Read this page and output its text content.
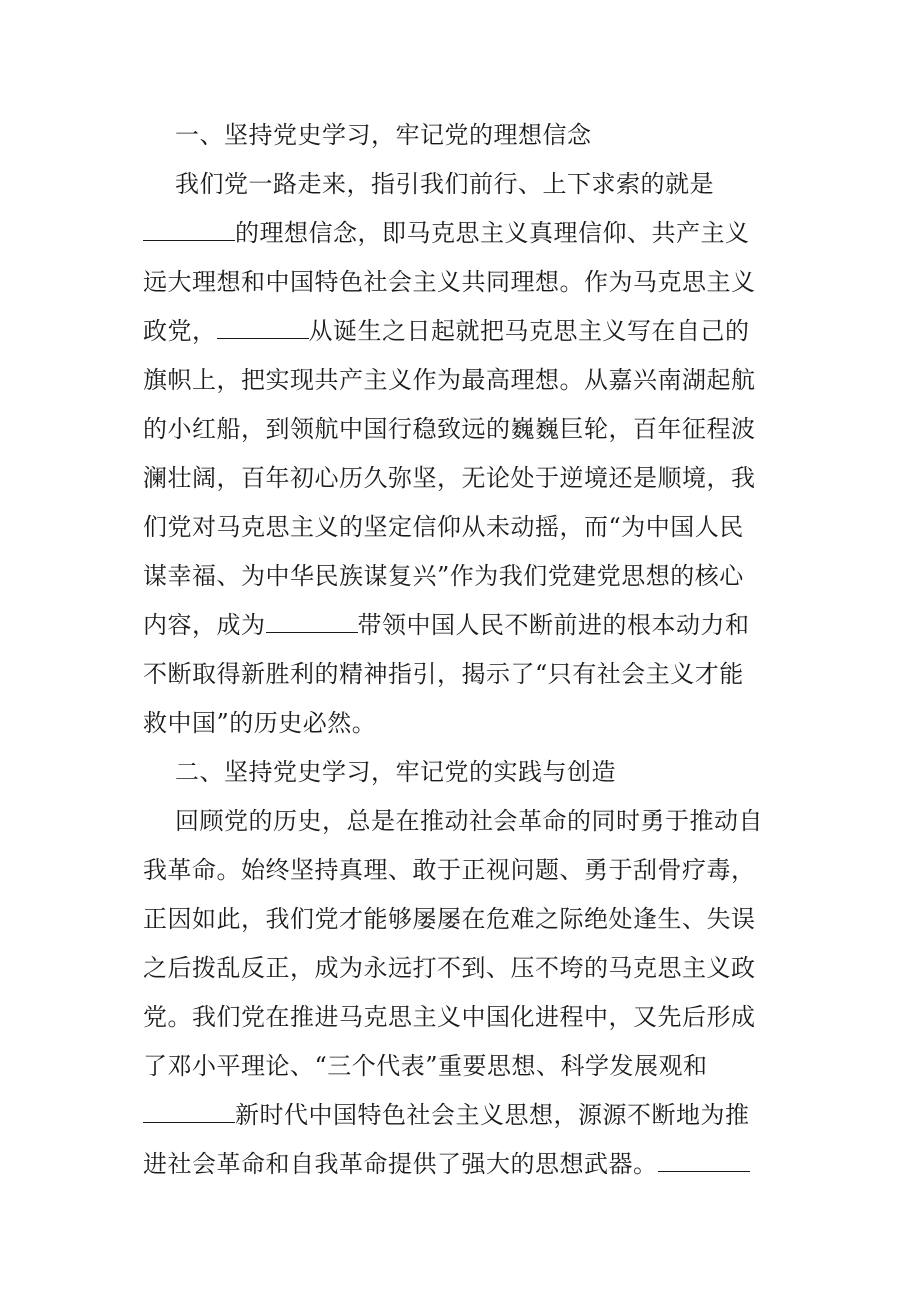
一、坚持党史学习，牢记党的理想信念
我们党一路走来，指引我们前行、上下求索的就是
的理想信念，即马克思主义真理信仰、共产主义
远大理想和中国特色社会主义共同理想。作为马克思主义
政党，	从诞生之日起就把马克思主义写在自己的
旗帜上，把实现共产主义作为最高理想。从嘉兴南湖起航
的小红船，到领航中国行稳致远的巍巍巨轮，百年征程波
澜壮阔，百年初心历久弥坚，无论处于逆境还是顺境，我
们党对马克思主义的坚定信仰从未动摇，而“为中国人民
谋幸福、为中华民族谋复兴”作为我们党建党思想的核心
内容，成为	带领中国人民不断前进的根本动力和
不断取得新胜利的精神指引，揭示了“只有社会主义才能
救中国”的历史必然。
二、坚持党史学习，牢记党的实践与创造
回顾党的历史，总是在推动社会革命的同时勇于推动自
我革命。始终坚持真理、敢于正视问题、勇于刮骨疗毒，
正因如此，我们党才能够屡屡在危难之际绝处逢生、失误
之后拨乱反正，成为永远打不到、压不垮的马克思主义政
党。我们党在推进马克思主义中国化进程中，又先后形成
了邓小平理论、“三个代表”重要思想、科学发展观和
新时代中国特色社会主义思想，源源不断地为推
进社会革命和自我革命提供了强大的思想武器。
